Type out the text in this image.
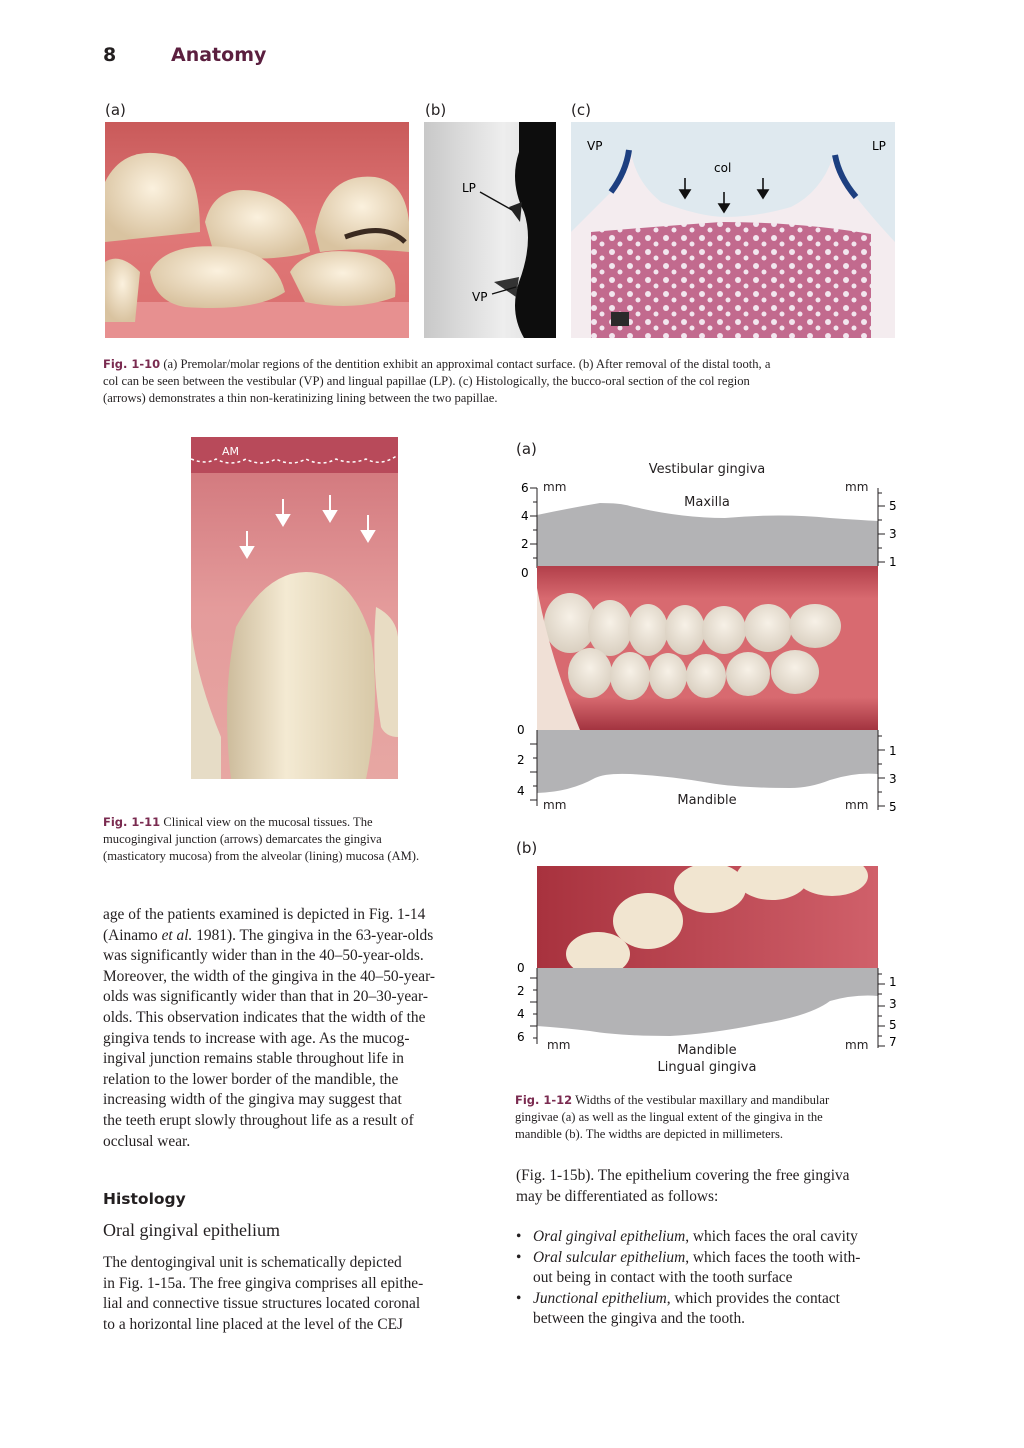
8	Anatomy
(a)	(b)	(c)
LP
VP
VP	LP
col
Fig. 1-10 (a) Premolar/molar regions of the dentition exhibit an approximal contact surface. (b) After removal of the distal tooth, a
col can be seen between the vestibular (VP) and lingual papillae (LP). (c) Histologically, the bucco-oral section of the col region
(arrows) demonstrates a thin non-keratinizing lining between the two papillae.
AM
Fig. 1-11 Clinical view on the mucosal tissues. The
mucogingival junction (arrows) demarcates the gingiva
(masticatory mucosa) from the alveolar (lining) mucosa (AM).
(a)
Vestibular gingiva
Maxilla
mm	mm
6
4
2
0
5
3
1
Mandible
mm	mm
0
2
4
1
3
5
(b)
Mandible
Lingual gingiva
mm	mm
0
2
4
6
1
3
5
7
Fig. 1-12 Widths of the vestibular maxillary and mandibular
gingivae (a) as well as the lingual extent of the gingiva in the
mandible (b). The widths are depicted in millimeters.
age of the patients examined is depicted in Fig. 1-14
(Ainamo et al. 1981). The gingiva in the 63-year-olds
was significantly wider than in the 40–50-year-olds.
Moreover, the width of the gingiva in the 40–50-year-
olds was significantly wider than that in 20–30-year-
olds. This observation indicates that the width of the
gingiva tends to increase with age. As the mucog-
ingival junction remains stable throughout life in
relation to the lower border of the mandible, the
increasing width of the gingiva may suggest that
the teeth erupt slowly throughout life as a result of
occlusal wear.
Histology
Oral gingival epithelium
The dentogingival unit is schematically depicted
in Fig. 1-15a. The free gingiva comprises all epithe-
lial and connective tissue structures located coronal
to a horizontal line placed at the level of the CEJ
(Fig. 1-15b). The epithelium covering the free gingiva
may be differentiated as follows:
• Oral gingival epithelium, which faces the oral cavity
• Oral sulcular epithelium, which faces the tooth with-
out being in contact with the tooth surface
• Junctional epithelium, which provides the contact
between the gingiva and the tooth.
